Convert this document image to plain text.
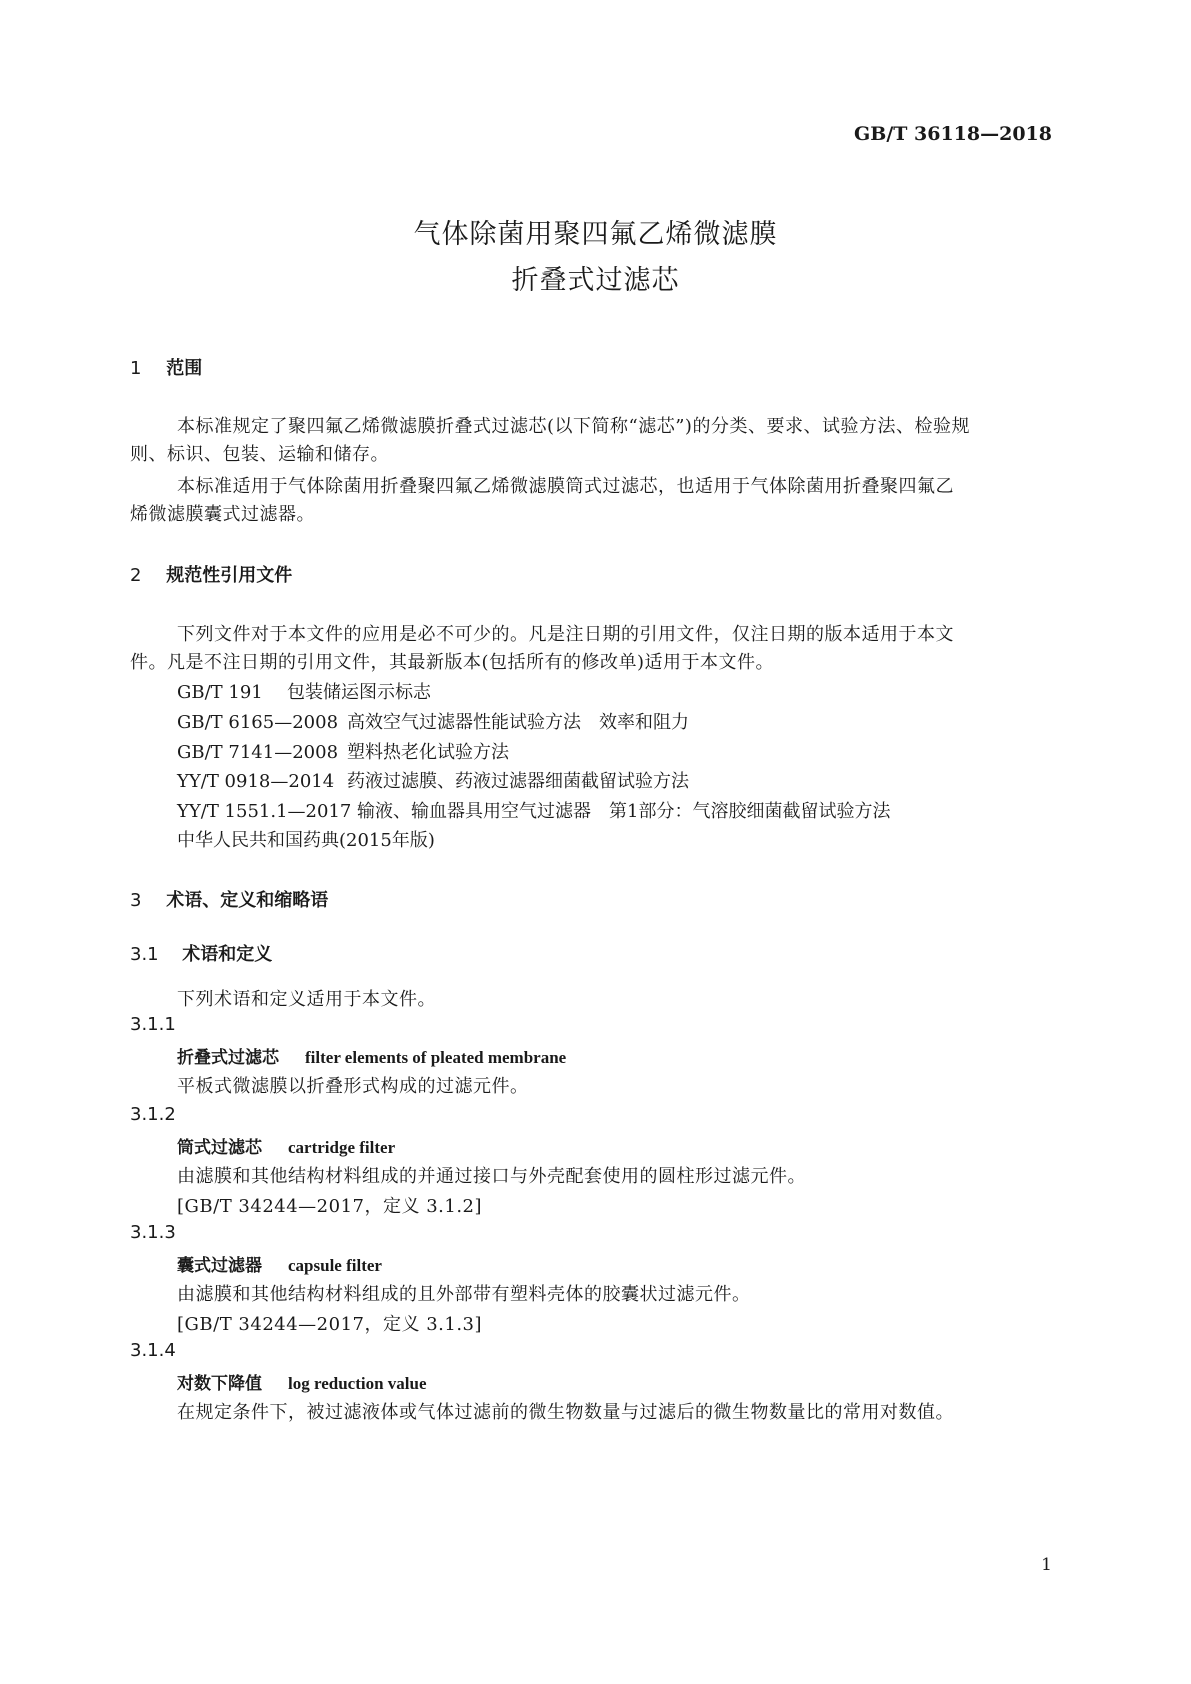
GB/T 36118—2018
气体除菌用聚四氟乙烯微滤膜
折叠式过滤芯
1 范围
本标准规定了聚四氟乙烯微滤膜折叠式过滤芯(以下简称“滤芯”)的分类、要求、试验方法、检验规
则、标识、包装、运输和储存。
本标准适用于气体除菌用折叠聚四氟乙烯微滤膜筒式过滤芯，也适用于气体除菌用折叠聚四氟乙
烯微滤膜囊式过滤器。
2 规范性引用文件
下列文件对于本文件的应用是必不可少的。凡是注日期的引用文件，仅注日期的版本适用于本文
件。凡是不注日期的引用文件，其最新版本(包括所有的修改单)适用于本文件。
GB/T 191 包装储运图示标志
GB/T 6165—2008 高效空气过滤器性能试验方法　效率和阻力
GB/T 7141—2008 塑料热老化试验方法
YY/T 0918—2014 药液过滤膜、药液过滤器细菌截留试验方法
YY/T 1551.1—2017 输液、输血器具用空气过滤器　第1部分：气溶胶细菌截留试验方法
中华人民共和国药典(2015年版)
3 术语、定义和缩略语
3.1 术语和定义
下列术语和定义适用于本文件。
3.1.1
折叠式过滤芯 filter elements of pleated membrane
平板式微滤膜以折叠形式构成的过滤元件。
3.1.2
筒式过滤芯 cartridge filter
由滤膜和其他结构材料组成的并通过接口与外壳配套使用的圆柱形过滤元件。
[GB/T 34244—2017，定义 3.1.2]
3.1.3
囊式过滤器 capsule filter
由滤膜和其他结构材料组成的且外部带有塑料壳体的胶囊状过滤元件。
[GB/T 34244—2017，定义 3.1.3]
3.1.4
对数下降值 log reduction value
在规定条件下，被过滤液体或气体过滤前的微生物数量与过滤后的微生物数量比的常用对数值。
1
